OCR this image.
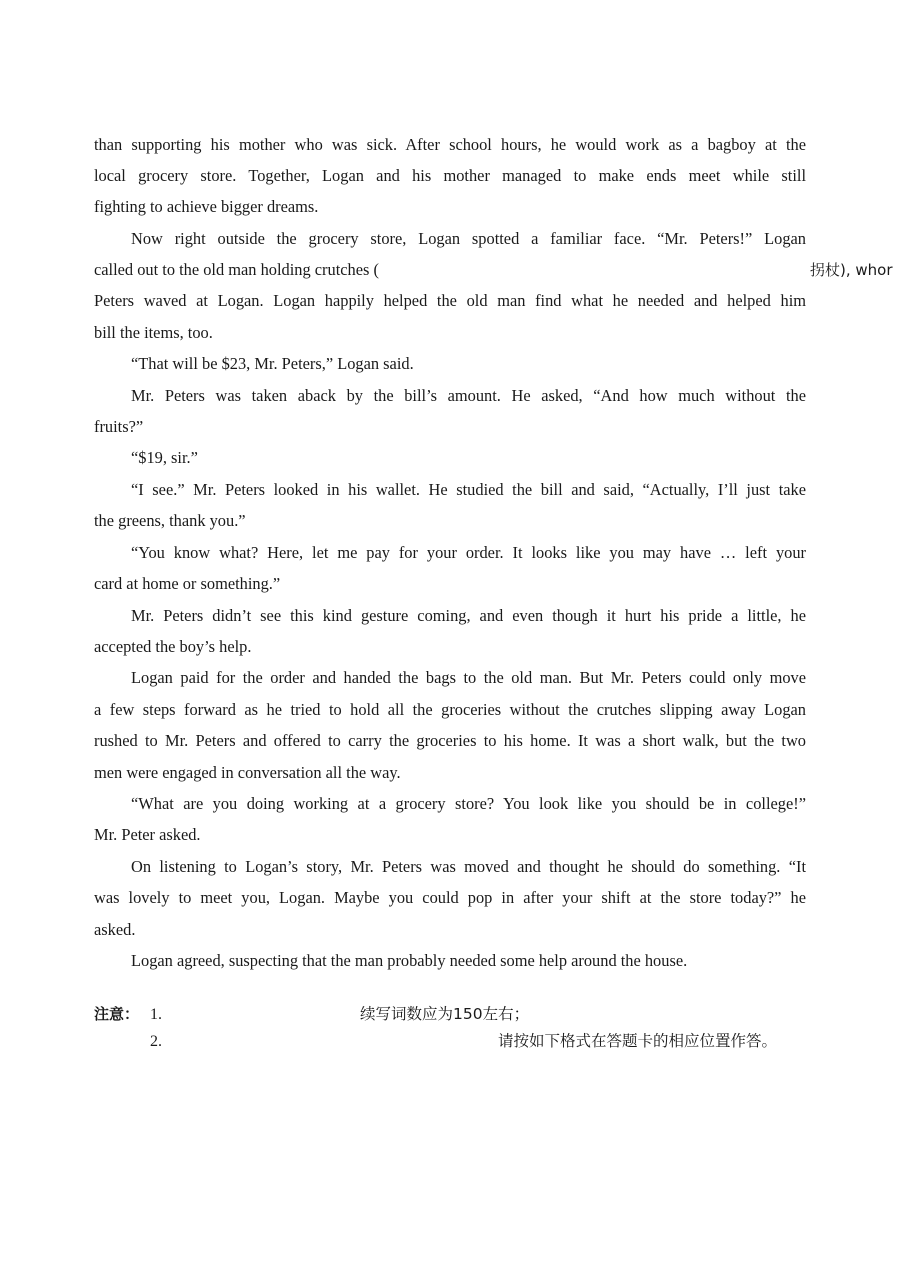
than supporting his mother who was sick. After school hours, he would work as a bagboy at the
local grocery store. Together, Logan and his mother managed to make ends meet while still
fighting to achieve bigger dreams.
Now right outside the grocery store, Logan spotted a familiar face. “Mr. Peters!” Logan
called out to the old man holding crutches (	拐杖), whor
Peters waved at Logan. Logan happily helped the old man find what he needed and helped him
bill the items, too.
“That will be $23, Mr. Peters,” Logan said.
Mr. Peters was taken aback by the bill’s amount. He asked, “And how much without the
fruits?”
“$19, sir.”
“I see.” Mr. Peters looked in his wallet. He studied the bill and said, “Actually, I’ll just take
the greens, thank you.”
“You know what? Here, let me pay for your order. It looks like you may have … left your
card at home or something.”
Mr. Peters didn’t see this kind gesture coming, and even though it hurt his pride a little, he
accepted the boy’s help.
Logan paid for the order and handed the bags to the old man. But Mr. Peters could only move
a few steps forward as he tried to hold all the groceries without the crutches slipping away Logan
rushed to Mr. Peters and offered to carry the groceries to his home. It was a short walk, but the two
men were engaged in conversation all the way.
“What are you doing working at a grocery store? You look like you should be in college!”
Mr. Peter asked.
On listening to Logan’s story, Mr. Peters was moved and thought he should do something. “It
was lovely to meet you, Logan. Maybe you could pop in after your shift at the store today?” he
asked.
Logan agreed, suspecting that the man probably needed some help around the house.
注意： 1.	续写词数应为150左右；
2.	请按如下格式在答题卡的相应位置作答。
